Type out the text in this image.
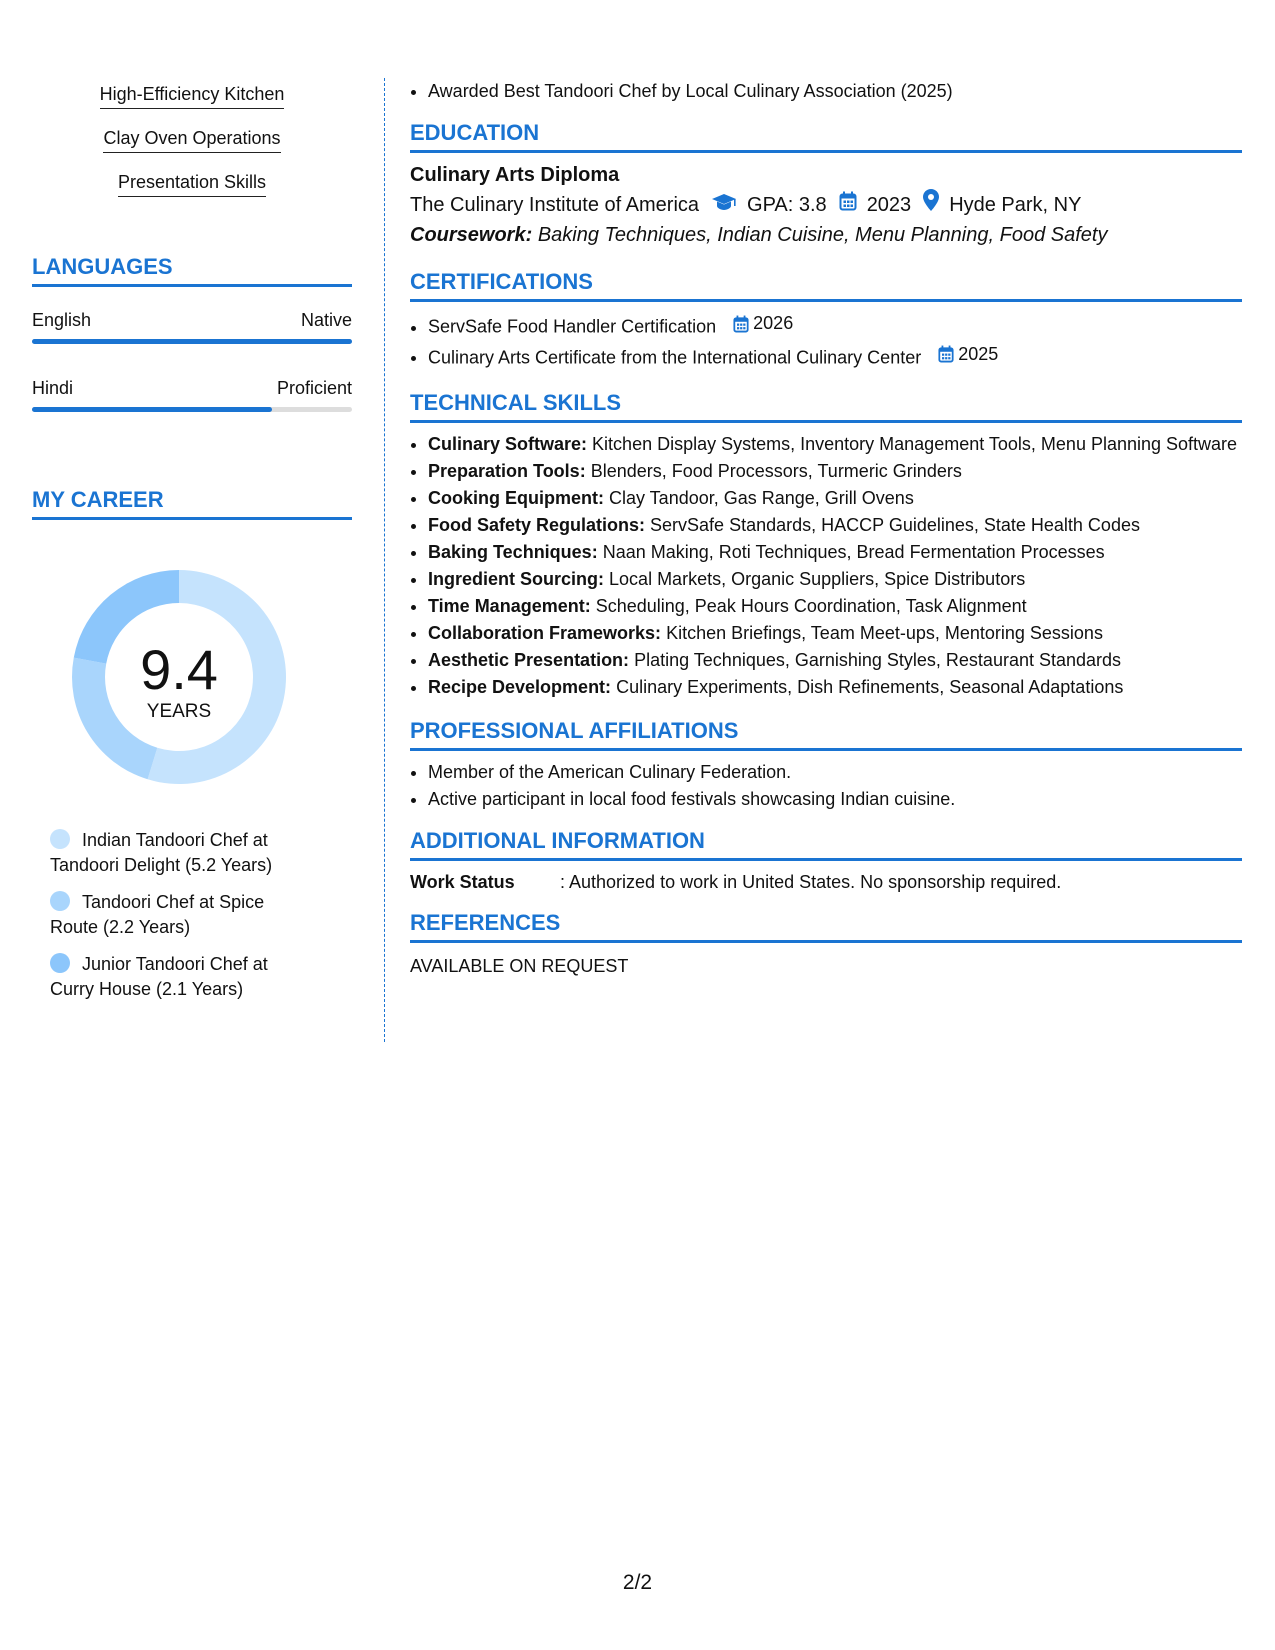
High-Efficiency Kitchen
Clay Oven Operations
Presentation Skills
LANGUAGES
English	Native
Hindi	Proficient
MY CAREER
9.4
YEARS
Indian Tandoori Chef at Tandoori Delight (5.2 Years)
Tandoori Chef at Spice Route (2.2 Years)
Junior Tandoori Chef at Curry House (2.1 Years)
• Awarded Best Tandoori Chef by Local Culinary Association (2025)
EDUCATION
Culinary Arts Diploma
The Culinary Institute of America GPA: 3.8 2023 Hyde Park, NY
Coursework: Baking Techniques, Indian Cuisine, Menu Planning, Food Safety
CERTIFICATIONS
• ServSafe Food Handler Certification 2026
• Culinary Arts Certificate from the International Culinary Center 2025
TECHNICAL SKILLS
• Culinary Software: Kitchen Display Systems, Inventory Management Tools, Menu Planning Software
• Preparation Tools: Blenders, Food Processors, Turmeric Grinders
• Cooking Equipment: Clay Tandoor, Gas Range, Grill Ovens
• Food Safety Regulations: ServSafe Standards, HACCP Guidelines, State Health Codes
• Baking Techniques: Naan Making, Roti Techniques, Bread Fermentation Processes
• Ingredient Sourcing: Local Markets, Organic Suppliers, Spice Distributors
• Time Management: Scheduling, Peak Hours Coordination, Task Alignment
• Collaboration Frameworks: Kitchen Briefings, Team Meet-ups, Mentoring Sessions
• Aesthetic Presentation: Plating Techniques, Garnishing Styles, Restaurant Standards
• Recipe Development: Culinary Experiments, Dish Refinements, Seasonal Adaptations
PROFESSIONAL AFFILIATIONS
• Member of the American Culinary Federation.
• Active participant in local food festivals showcasing Indian cuisine.
ADDITIONAL INFORMATION
Work Status	: Authorized to work in United States. No sponsorship required.
REFERENCES
AVAILABLE ON REQUEST
2/2
